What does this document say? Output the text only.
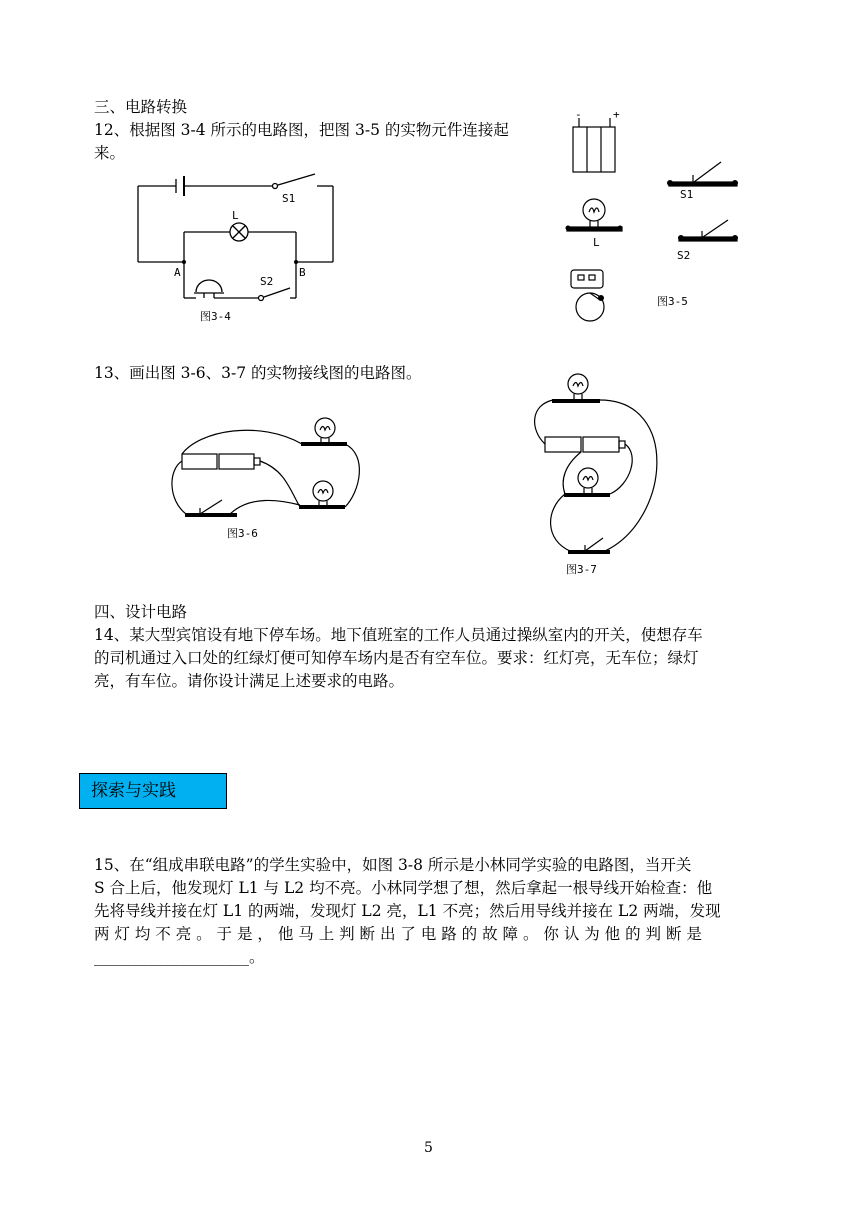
三、电路转换
12、根据图 3-4 所示的电路图，把图 3-5 的实物元件连接起
来。
S1
L
A	B
S2
图3-4
-	+
S1
L
S2
图3-5
13、画出图 3-6、3-7 的实物接线图的电路图。
图3-6
图3-7
四、设计电路
14、某大型宾馆设有地下停车场。地下值班室的工作人员通过操纵室内的开关，使想存车
的司机通过入口处的红绿灯便可知停车场内是否有空车位。要求：红灯亮，无车位；绿灯
亮，有车位。请你设计满足上述要求的电路。
探索与实践
15、在“组成串联电路”的学生实验中，如图 3-8 所示是小林同学实验的电路图，当开关
S 合上后，他发现灯 L1 与 L2 均不亮。小林同学想了想，然后拿起一根导线开始检查：他
先将导线并接在灯 L1 的两端，发现灯 L2 亮，L1 不亮；然后用导线并接在 L2 两端，发现
两 灯 均 不 亮 。 于 是 ， 他 马 上 判 断 出 了 电 路 的 故 障 。 你 认 为 他 的 判 断 是
____________________。
5
